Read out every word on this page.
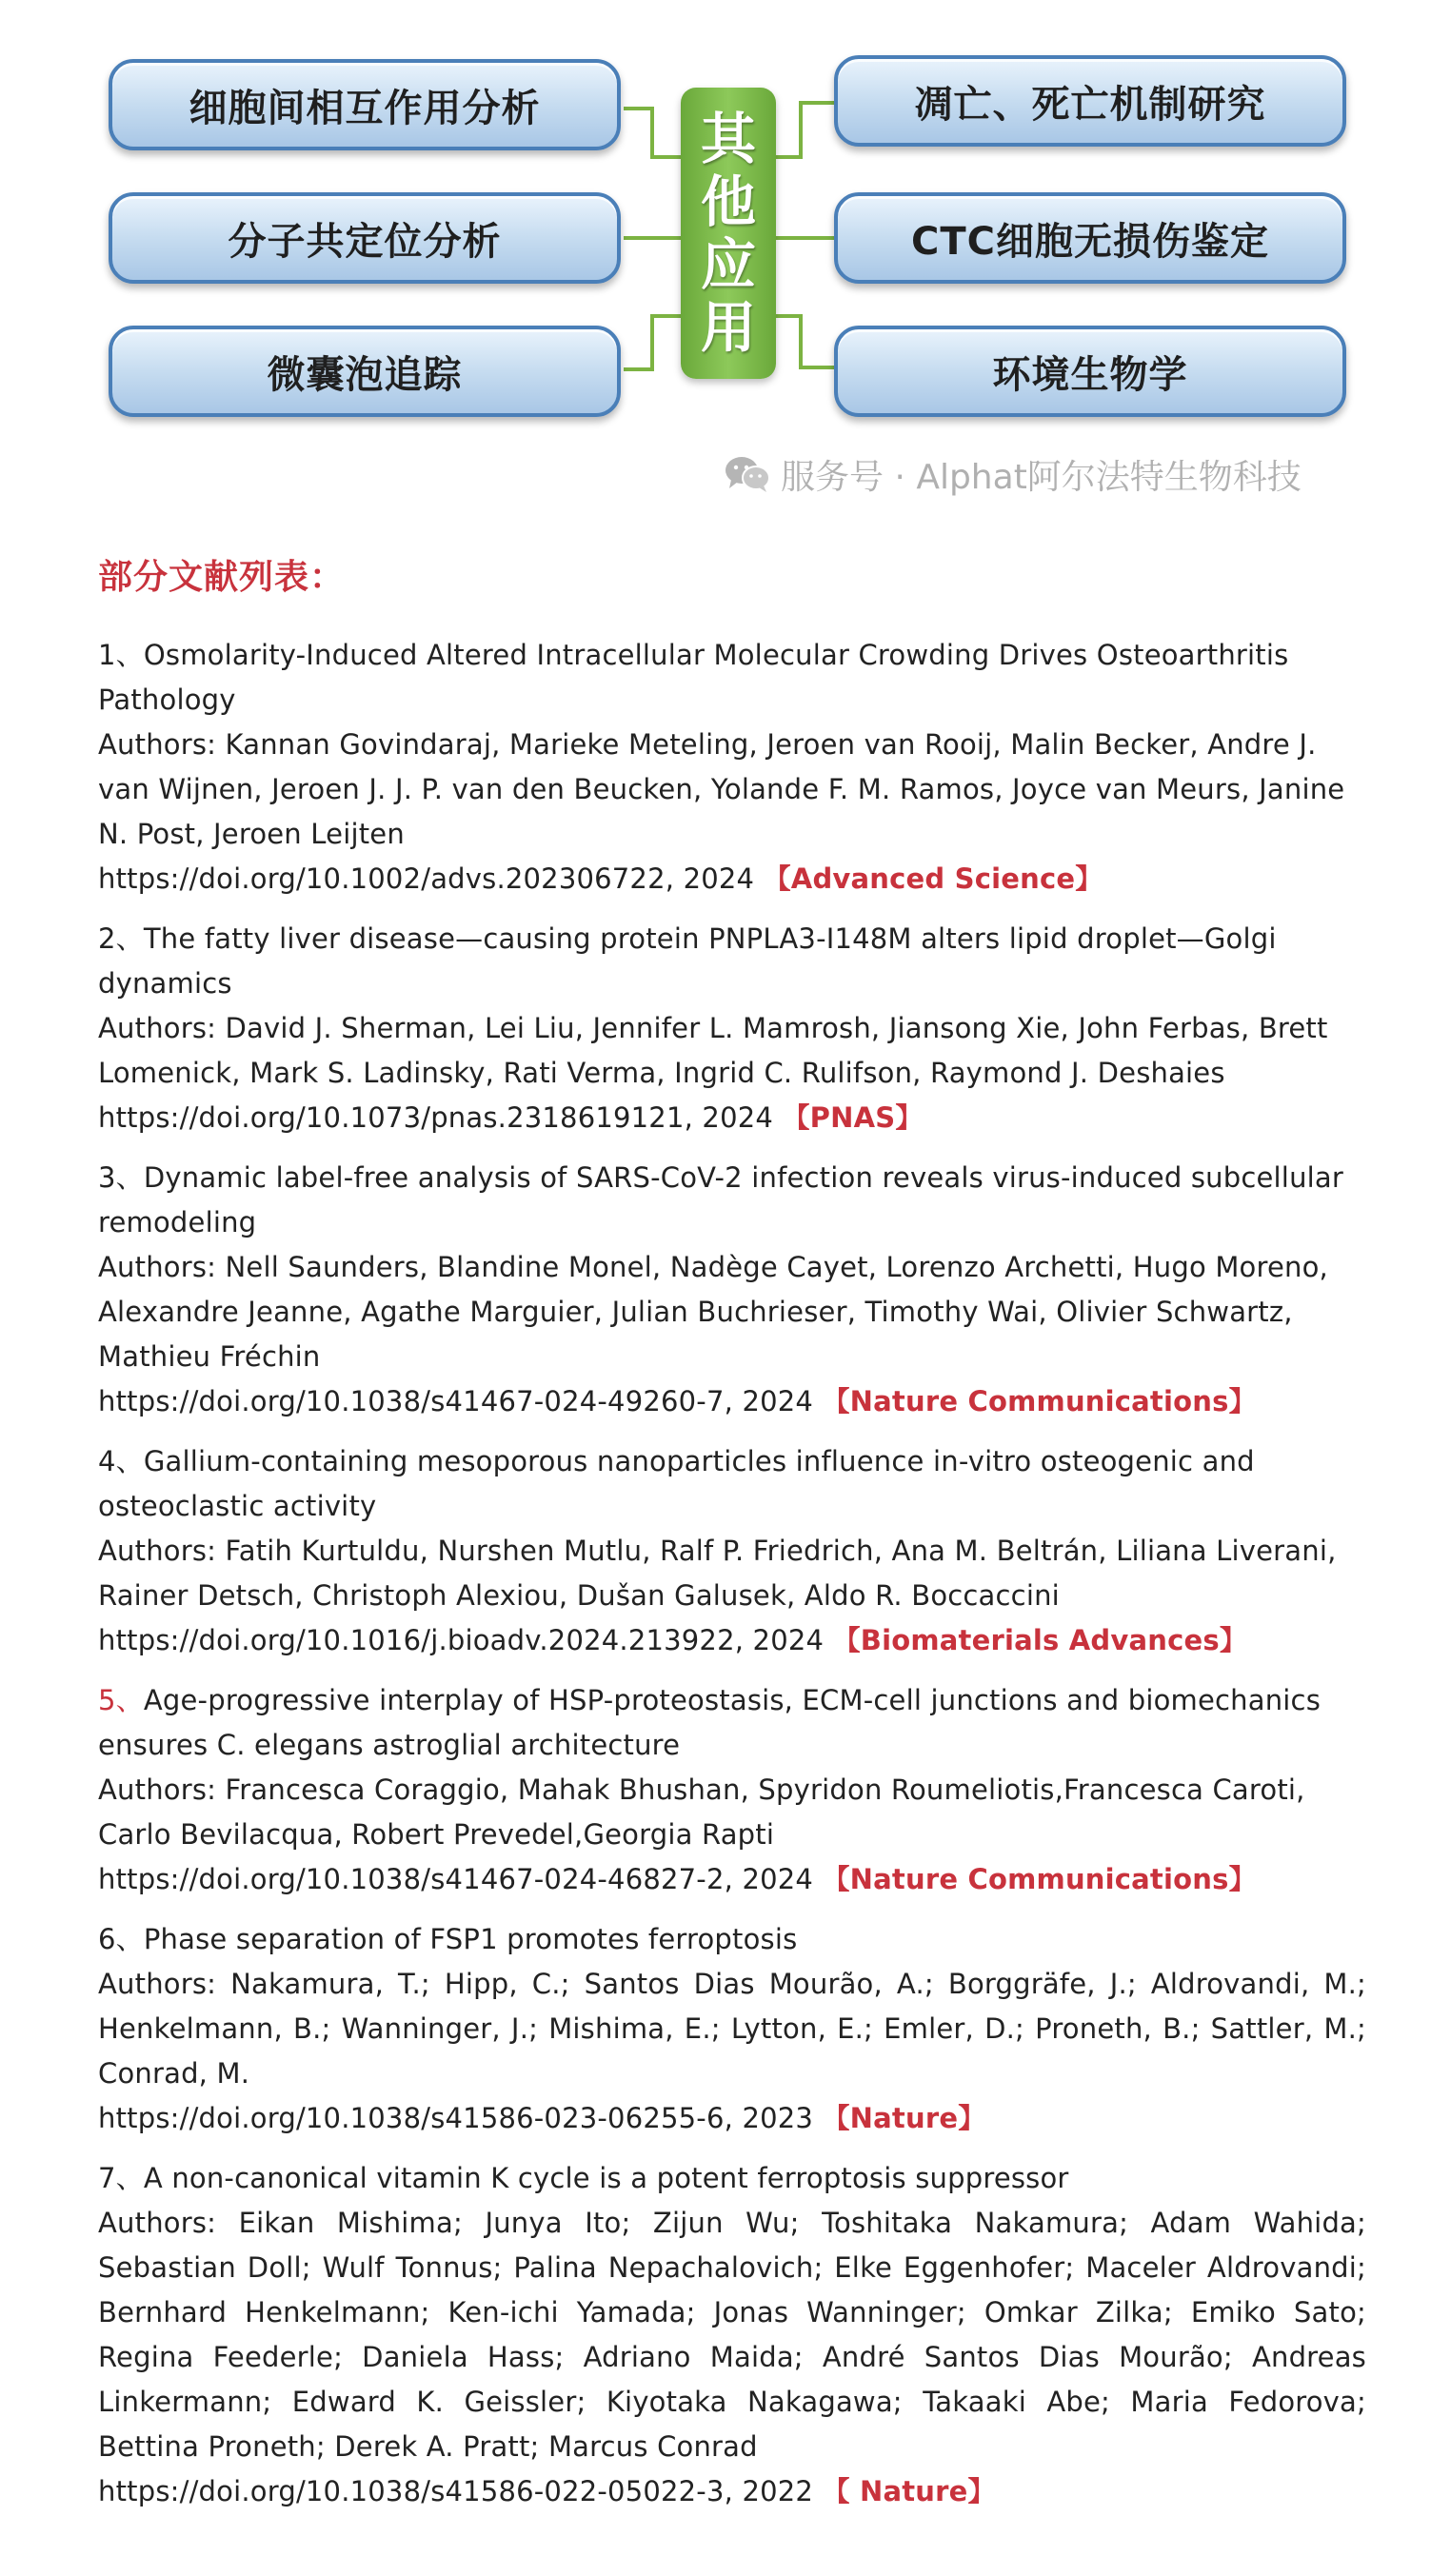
细胞间相互作用分析
分子共定位分析
微囊泡追踪
其
他
应
用
凋亡、死亡机制研究
CTC细胞无损伤鉴定
环境生物学
服务号 · Alphat阿尔法特生物科技
部分文献列表：

1、Osmolarity-Induced Altered Intracellular Molecular Crowding Drives Osteoarthritis Pathology

Authors: Kannan Govindaraj, Marieke Meteling, Jeroen van Rooij, Malin Becker, Andre J. van Wijnen, Jeroen J. J. P. van den Beucken, Yolande F. M. Ramos, Joyce van Meurs, Janine N. Post, Jeroen Leijten

https://doi.org/10.1002/advs.202306722, 2024 【Advanced Science】

2、The fatty liver disease—causing protein PNPLA3-I148M alters lipid droplet—Golgi dynamics

Authors: David J. Sherman, Lei Liu, Jennifer L. Mamrosh, Jiansong Xie, John Ferbas, Brett Lomenick, Mark S. Ladinsky, Rati Verma, Ingrid C. Rulifson, Raymond J. Deshaies

https://doi.org/10.1073/pnas.2318619121, 2024 【PNAS】

3、Dynamic label-free analysis of SARS-CoV-2 infection reveals virus-induced subcellular remodeling

Authors: Nell Saunders, Blandine Monel, Nadège Cayet, Lorenzo Archetti, Hugo Moreno, Alexandre Jeanne, Agathe Marguier, Julian Buchrieser, Timothy Wai, Olivier Schwartz, Mathieu Fréchin

https://doi.org/10.1038/s41467-024-49260-7, 2024 【Nature Communications】

4、Gallium-containing mesoporous nanoparticles influence in-vitro osteogenic and osteoclastic activity

Authors: Fatih Kurtuldu, Nurshen Mutlu, Ralf P. Friedrich, Ana M. Beltrán, Liliana Liverani, Rainer Detsch, Christoph Alexiou, Dušan Galusek, Aldo R. Boccaccini

https://doi.org/10.1016/j.bioadv.2024.213922, 2024 【Biomaterials Advances】

5、Age-progressive interplay of HSP-proteostasis, ECM-cell junctions and biomechanics ensures C. elegans astroglial architecture

Authors: Francesca Coraggio, Mahak Bhushan, Spyridon Roumeliotis,Francesca Caroti, Carlo Bevilacqua, Robert Prevedel,Georgia Rapti

https://doi.org/10.1038/s41467-024-46827-2, 2024 【Nature Communications】

6、Phase separation of FSP1 promotes ferroptosis

Authors: Nakamura, T.; Hipp, C.; Santos Dias Mourão, A.; Borggräfe, J.; Aldrovandi, M.; Henkelmann, B.; Wanninger, J.; Mishima, E.; Lytton, E.; Emler, D.; Proneth, B.; Sattler, M.; Conrad, M.

https://doi.org/10.1038/s41586-023-06255-6, 2023 【Nature】

7、A non-canonical vitamin K cycle is a potent ferroptosis suppressor

Authors: Eikan Mishima; Junya Ito; Zijun Wu; Toshitaka Nakamura; Adam Wahida; Sebastian Doll; Wulf Tonnus; Palina Nepachalovich; Elke Eggenhofer; Maceler Aldrovandi; Bernhard Henkelmann; Ken-ichi Yamada; Jonas Wanninger; Omkar Zilka; Emiko Sato; Regina Feederle; Daniela Hass; Adriano Maida; André Santos Dias Mourão; Andreas Linkermann; Edward K. Geissler; Kiyotaka Nakagawa; Takaaki Abe; Maria Fedorova; Bettina Proneth; Derek A. Pratt; Marcus Conrad

https://doi.org/10.1038/s41586-022-05022-3, 2022 【 Nature】
